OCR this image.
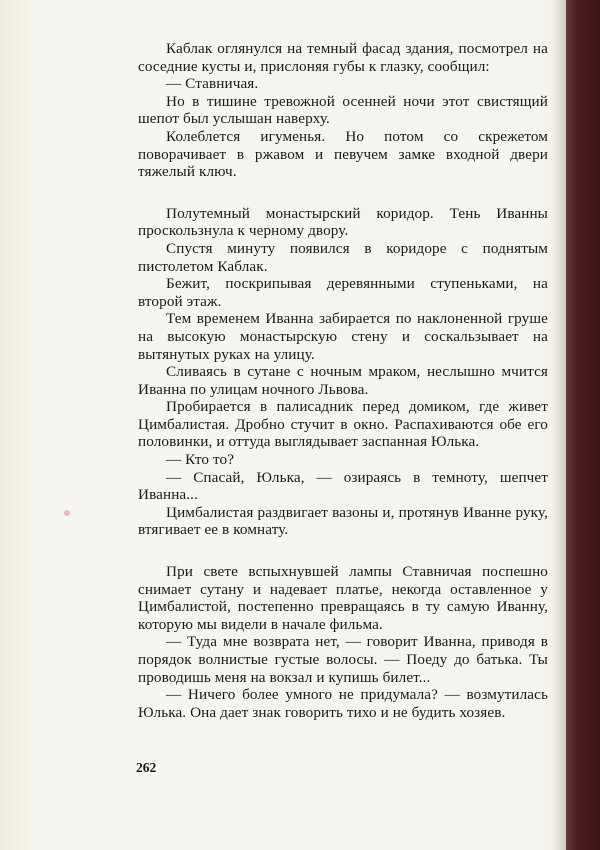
Каблак оглянулся на темный фасад здания, посмотрел на соседние кусты и, прислоняя губы к глазку, сообщил:

— Ставничая.

Но в тишине тревожной осенней ночи этот свистящий шепот был услышан наверху.

Колеблется игуменья. Но потом со скрежетом поворачивает в ржавом и певучем замке входной двери тяжелый ключ.

Полутемный монастырский коридор. Тень Иванны проскользнула к черному двору.

Спустя минуту появился в коридоре с поднятым пистолетом Каблак.

Бежит, поскрипывая деревянными ступеньками, на второй этаж.

Тем временем Иванна забирается по наклоненной груше на высокую монастырскую стену и соскальзывает на вытянутых руках на улицу.

Сливаясь в сутане с ночным мраком, неслышно мчится Иванна по улицам ночного Львова.

Пробирается в палисадник перед домиком, где живет Цимбалистая. Дробно стучит в окно. Распахиваются обе его половинки, и оттуда выглядывает заспанная Юлька.

— Кто то?

— Спасай, Юлька, — озираясь в темноту, шепчет Иванна...

Цимбалистая раздвигает вазоны и, протянув Иванне руку, втягивает ее в комнату.

При свете вспыхнувшей лампы Ставничая поспешно снимает сутану и надевает платье, некогда оставленное у Цимбалистой, постепенно превращаясь в ту самую Иванну, которую мы видели в начале фильма.

— Туда мне возврата нет, — говорит Иванна, приводя в порядок волнистые густые волосы. — Поеду до батька. Ты проводишь меня на вокзал и купишь билет...

— Ничего более умного не придумала? — возмутилась Юлька. Она дает знак говорить тихо и не будить хозяев.

262
